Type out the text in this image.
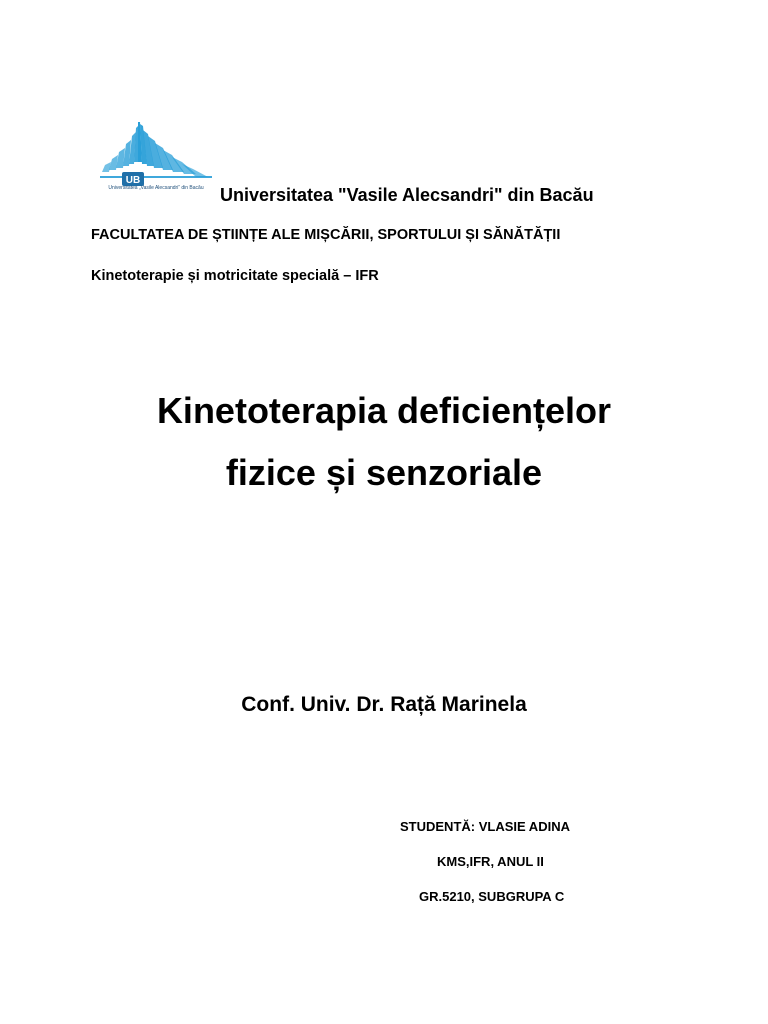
UB
Universitatea „Vasile Alecsandri” din Bacău Universitatea "Vasile Alecsandri" din Bacău
FACULTATEA DE ȘTIINȚE ALE MIȘCĂRII, SPORTULUI ȘI SĂNĂTĂȚII
Kinetoterapie și motricitate specială – IFR
Kinetoterapia deficiențelor
fizice și senzoriale
Conf. Univ. Dr. Rață Marinela
STUDENTĂ: VLASIE ADINA
KMS,IFR, ANUL II
GR.5210, SUBGRUPA C
